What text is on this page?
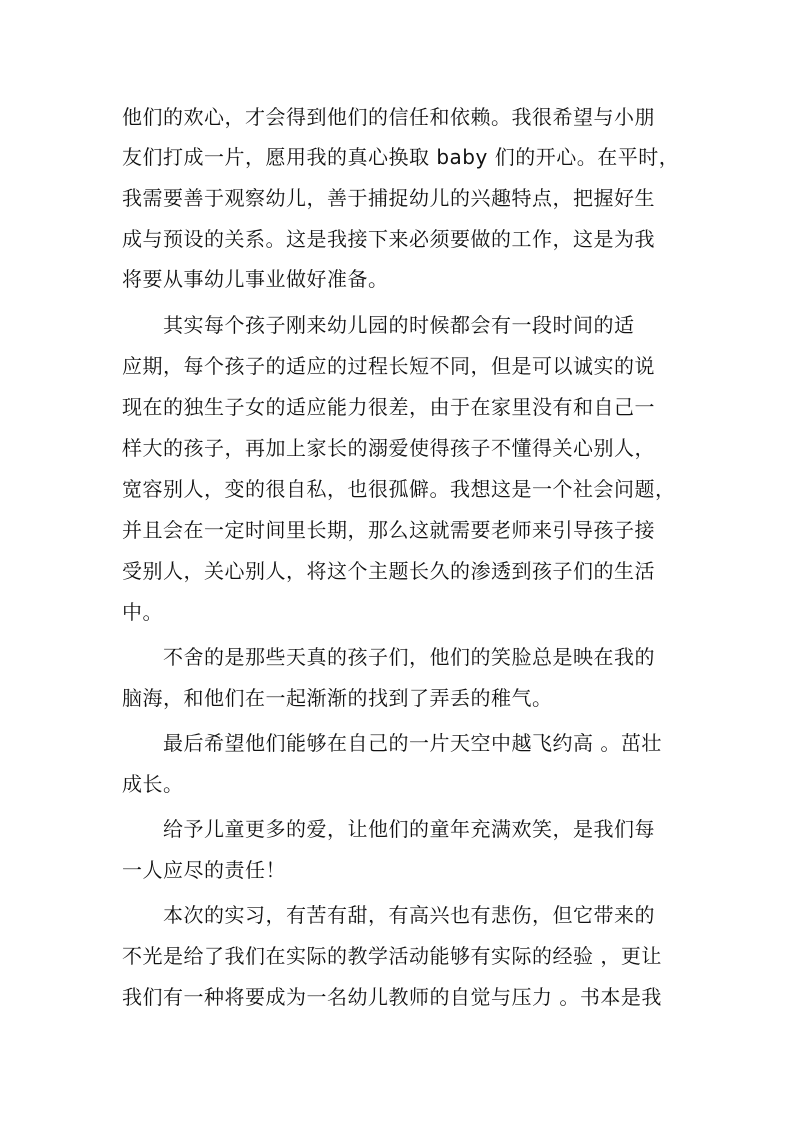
他们的欢心，才会得到他们的信任和依赖。我很希望与小朋
友们打成一片，愿用我的真心换取 baby 们的开心。在平时，
我需要善于观察幼儿，善于捕捉幼儿的兴趣特点，把握好生
成与预设的关系。这是我接下来必须要做的工作，这是为我
将要从事幼儿事业做好准备。
其实每个孩子刚来幼儿园的时候都会有一段时间的适
应期，每个孩子的适应的过程长短不同，但是可以诚实的说
现在的独生子女的适应能力很差，由于在家里没有和自己一
样大的孩子，再加上家长的溺爱使得孩子不懂得关心别人，
宽容别人，变的很自私，也很孤僻。我想这是一个社会问题，
并且会在一定时间里长期，那么这就需要老师来引导孩子接
受别人，关心别人，将这个主题长久的渗透到孩子们的生活
中。
不舍的是那些天真的孩子们，他们的笑脸总是映在我的
脑海，和他们在一起渐渐的找到了弄丢的稚气。
最后希望他们能够在自己的一片天空中越飞约高 。茁壮
成长。
给予儿童更多的爱，让他们的童年充满欢笑，是我们每
一人应尽的责任！
本次的实习，有苦有甜，有高兴也有悲伤，但它带来的
不光是给了我们在实际的教学活动能够有实际的经验 ，更让
我们有一种将要成为一名幼儿教师的自觉与压力 。书本是我
